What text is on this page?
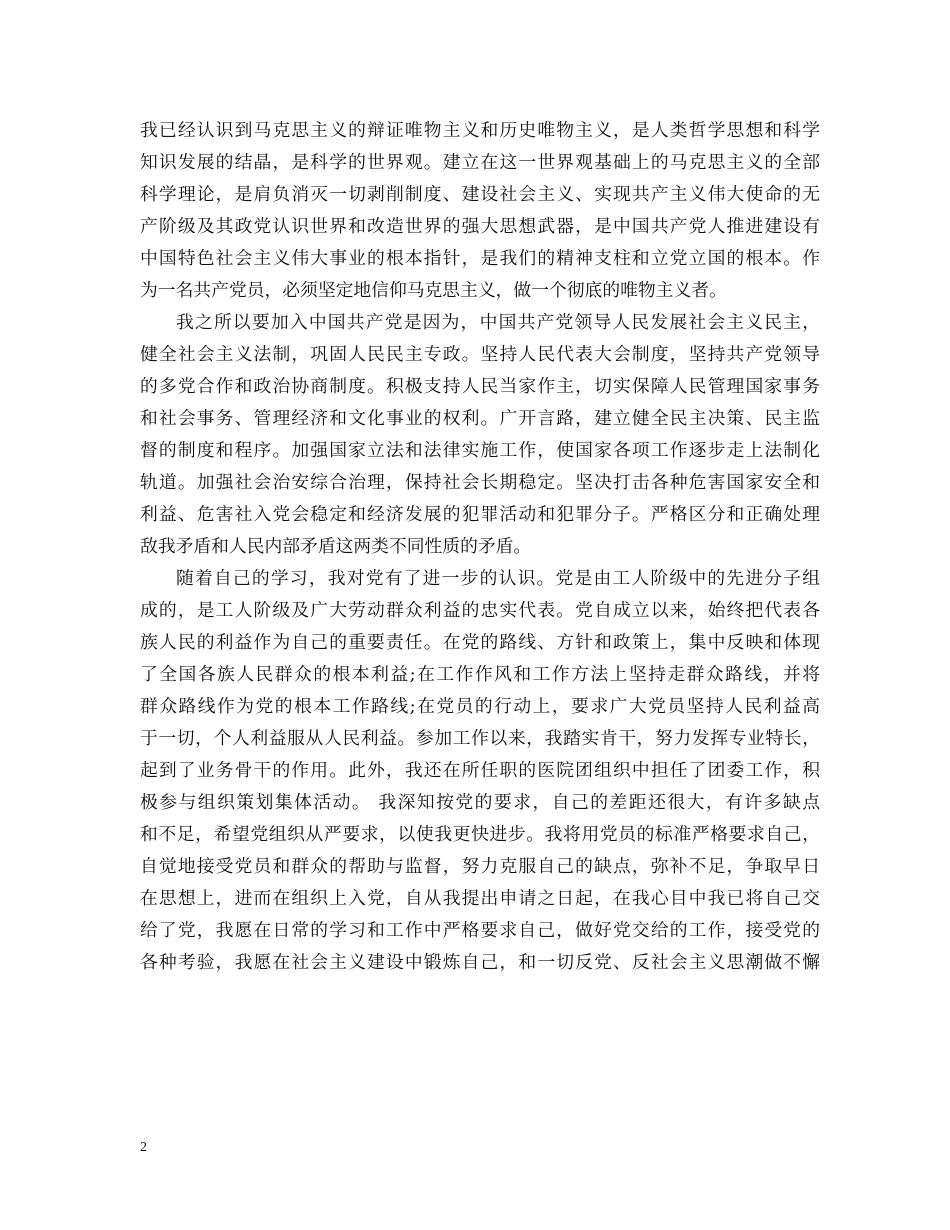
我已经认识到马克思主义的辩证唯物主义和历史唯物主义，是人类哲学思想和科学
知识发展的结晶，是科学的世界观。建立在这一世界观基础上的马克思主义的全部
科学理论，是肩负消灭一切剥削制度、建设社会主义、实现共产主义伟大使命的无
产阶级及其政党认识世界和改造世界的强大思想武器，是中国共产党人推进建设有
中国特色社会主义伟大事业的根本指针，是我们的精神支柱和立党立国的根本。作
为一名共产党员，必须坚定地信仰马克思主义，做一个彻底的唯物主义者。
我之所以要加入中国共产党是因为，中国共产党领导人民发展社会主义民主，
健全社会主义法制，巩固人民民主专政。坚持人民代表大会制度，坚持共产党领导
的多党合作和政治协商制度。积极支持人民当家作主，切实保障人民管理国家事务
和社会事务、管理经济和文化事业的权利。广开言路，建立健全民主决策、民主监
督的制度和程序。加强国家立法和法律实施工作，使国家各项工作逐步走上法制化
轨道。加强社会治安综合治理，保持社会长期稳定。坚决打击各种危害国家安全和
利益、危害社入党会稳定和经济发展的犯罪活动和犯罪分子。严格区分和正确处理
敌我矛盾和人民内部矛盾这两类不同性质的矛盾。
随着自己的学习，我对党有了进一步的认识。党是由工人阶级中的先进分子组
成的，是工人阶级及广大劳动群众利益的忠实代表。党自成立以来，始终把代表各
族人民的利益作为自己的重要责任。在党的路线、方针和政策上，集中反映和体现
了全国各族人民群众的根本利益;在工作作风和工作方法上坚持走群众路线，并将
群众路线作为党的根本工作路线;在党员的行动上，要求广大党员坚持人民利益高
于一切，个人利益服从人民利益。参加工作以来，我踏实肯干，努力发挥专业特长，
起到了业务骨干的作用。此外，我还在所任职的医院团组织中担任了团委工作，积
极参与组织策划集体活动。 我深知按党的要求，自己的差距还很大，有许多缺点
和不足，希望党组织从严要求，以使我更快进步。我将用党员的标准严格要求自己，
自觉地接受党员和群众的帮助与监督，努力克服自己的缺点，弥补不足，争取早日
在思想上，进而在组织上入党，自从我提出申请之日起，在我心目中我已将自己交
给了党，我愿在日常的学习和工作中严格要求自己，做好党交给的工作，接受党的
各种考验，我愿在社会主义建设中锻炼自己，和一切反党、反社会主义思潮做不懈
2
